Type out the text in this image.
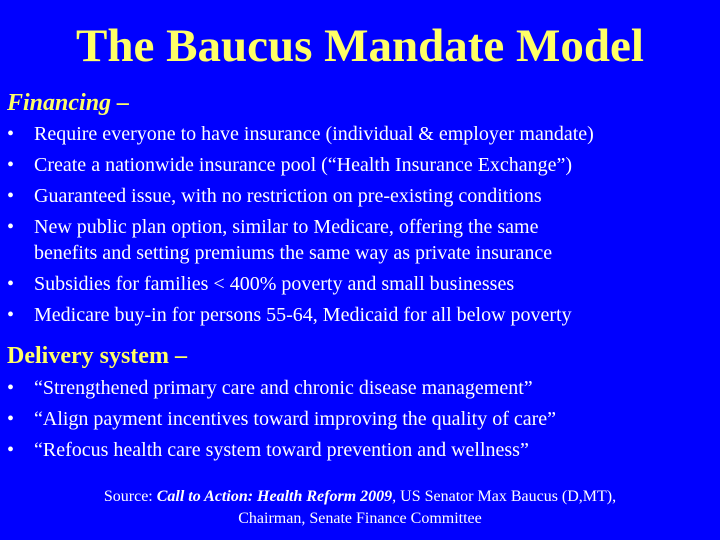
The Baucus Mandate Model
Financing –
• Require everyone to have insurance (individual & employer mandate)
• Create a nationwide insurance pool (“Health Insurance Exchange”)
• Guaranteed issue, with no restriction on pre-existing conditions
• New public plan option, similar to Medicare, offering the same
benefits and setting premiums the same way as private insurance
• Subsidies for families < 400% poverty and small businesses
• Medicare buy-in for persons 55-64, Medicaid for all below poverty
Delivery system –
• “Strengthened primary care and chronic disease management”
• “Align payment incentives toward improving the quality of care”
• “Refocus health care system toward prevention and wellness”
Source: Call to Action: Health Reform 2009, US Senator Max Baucus (D,MT),
Chairman, Senate Finance Committee
